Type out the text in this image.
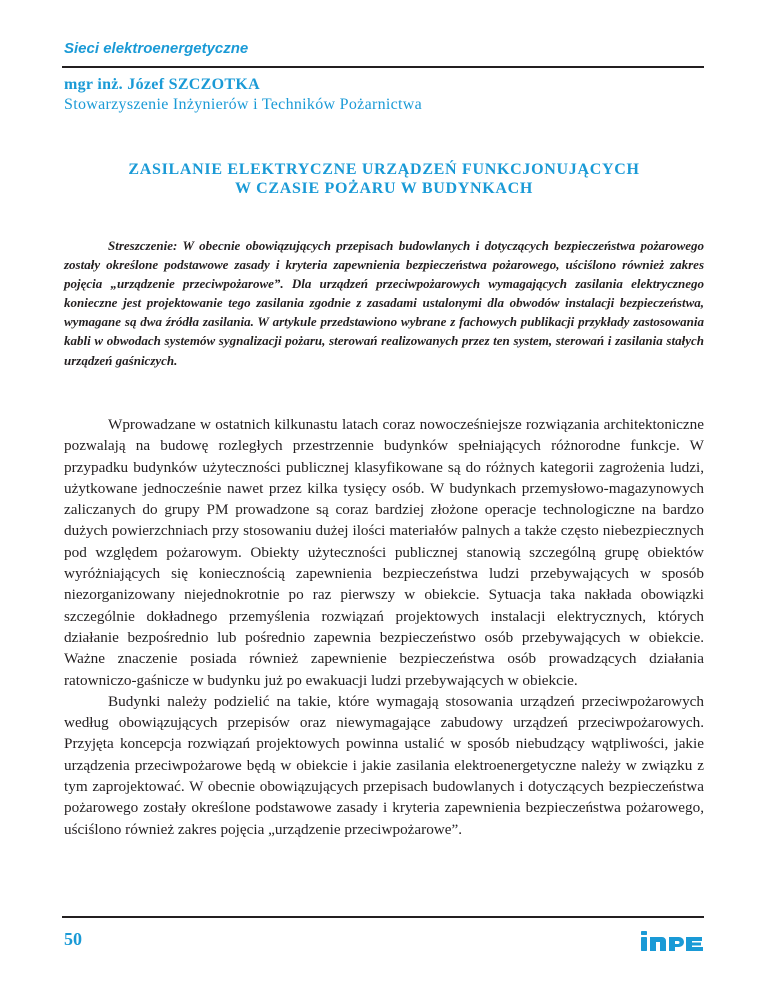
Sieci elektroenergetyczne
mgr inż. Józef SZCZOTKA
Stowarzyszenie Inżynierów i Techników Pożarnictwa
ZASILANIE ELEKTRYCZNE URZĄDZEŃ FUNKCJONUJĄCYCH
W CZASIE POŻARU W BUDYNKACH
Streszczenie: W obecnie obowiązujących przepisach budowlanych i dotyczących bezpieczeństwa pożarowego zostały określone podstawowe zasady i kryteria zapewnienia bezpieczeństwa pożarowego, uściślono również zakres pojęcia „urządzenie przeciwpożarowe”. Dla urządzeń przeciwpożarowych wymagających zasilania elektrycznego konieczne jest projektowanie tego zasilania zgodnie z zasadami ustalonymi dla obwodów instalacji bezpieczeństwa, wymagane są dwa źródła zasilania. W artykule przedstawiono wybrane z fachowych publikacji przykłady zastosowania kabli w obwodach systemów sygnalizacji pożaru, sterowań realizowanych przez ten system, sterowań i zasilania stałych urządzeń gaśniczych.

Wprowadzane w ostatnich kilkunastu latach coraz nowocześniejsze rozwiązania architektoniczne pozwalają na budowę rozległych przestrzennie budynków spełniających różnorodne funkcje. W przypadku budynków użyteczności publicznej klasyfikowane są do różnych kategorii zagrożenia ludzi, użytkowane jednocześnie nawet przez kilka tysięcy osób. W budynkach przemysłowo-magazynowych zaliczanych do grupy PM prowadzone są coraz bardziej złożone operacje technologiczne na bardzo dużych powierzchniach przy stosowaniu dużej ilości materiałów palnych a także często niebezpiecznych pod względem pożarowym. Obiekty użyteczności publicznej stanowią szczególną grupę obiektów wyróżniających się koniecznością zapewnienia bezpieczeństwa ludzi przebywających w sposób niezorganizowany niejednokrotnie po raz pierwszy w obiekcie. Sytuacja taka nakłada obowiązki szczególnie dokładnego przemyślenia rozwiązań projektowych instalacji elektrycznych, których działanie bezpośrednio lub pośrednio zapewnia bezpieczeństwo osób przebywających w obiekcie. Ważne znaczenie posiada również zapewnienie bezpieczeństwa osób prowadzących działania ratowniczo-gaśnicze w budynku już po ewakuacji ludzi przebywających w obiekcie.

Budynki należy podzielić na takie, które wymagają stosowania urządzeń przeciwpożarowych według obowiązujących przepisów oraz niewymagające zabudowy urządzeń przeciwpożarowych. Przyjęta koncepcja rozwiązań projektowych powinna ustalić w sposób niebudzący wątpliwości, jakie urządzenia przeciwpożarowe będą w obiekcie i jakie zasilania elektroenergetyczne należy w związku z tym zaprojektować. W obecnie obowiązujących przepisach budowlanych i dotyczących bezpieczeństwa pożarowego zostały określone podstawowe zasady i kryteria zapewnienia bezpieczeństwa pożarowego, uściślono również zakres pojęcia „urządzenie przeciwpożarowe”.

50
